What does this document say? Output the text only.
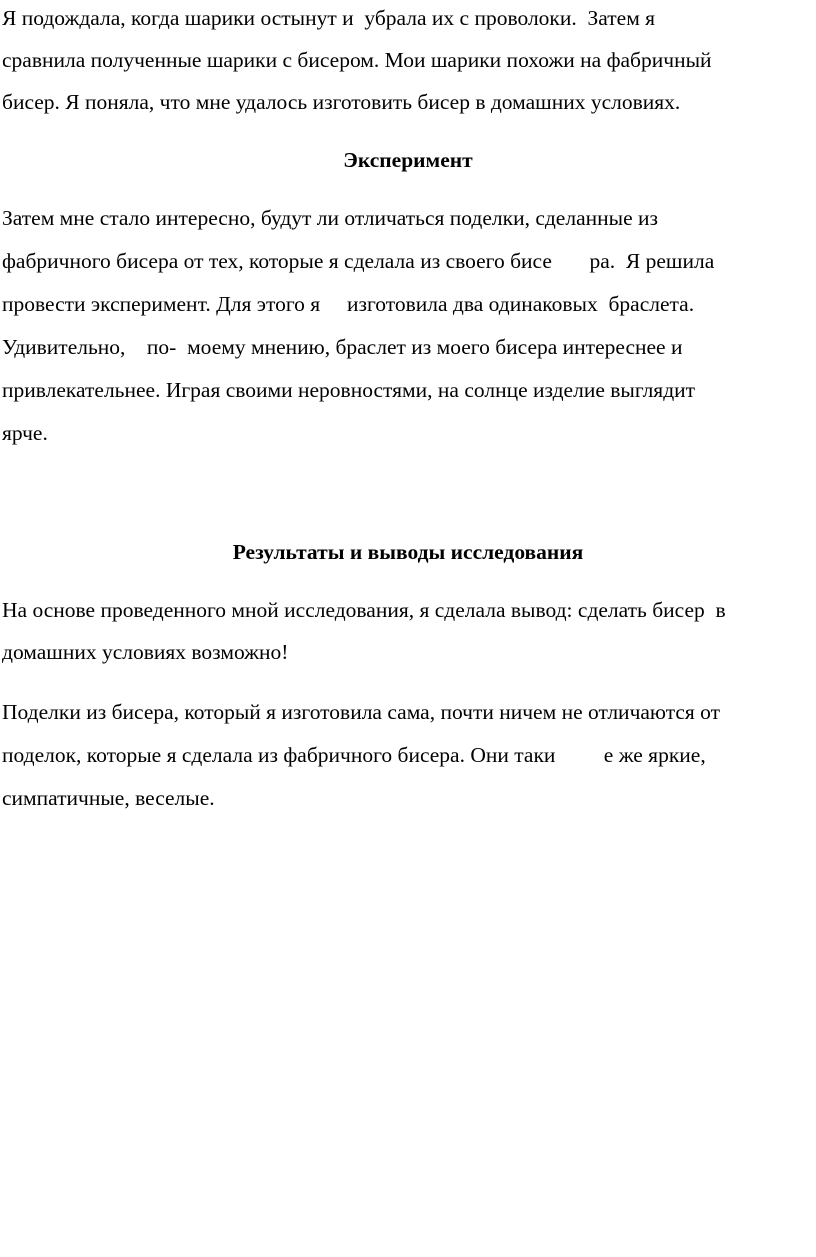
Я подождала, когда шарики остынут и  убрала их с проволоки.  Затем я
сравнила полученные шарики с бисером. Мои шарики похожи на фабричный
бисер. Я поняла, что мне удалось изготовить бисер в домашних условиях.
Эксперимент
Затем мне стало интересно, будут ли отличаться поделки, сделанные из
фабричного бисера от тех, которые я сделала из своего бисе       ра.  Я решила
провести эксперимент. Для этого я     изготовила два одинаковых  браслета.
Удивительно,    по-  моему мнению, браслет из моего бисера интереснее и
привлекательнее. Играя своими неровностями, на солнце изделие выглядит
ярче.
Результаты и выводы исследования
На основе проведенного мной исследования, я сделала вывод: сделать бисер  в
домашних условиях возможно!
Поделки из бисера, который я изготовила сама, почти ничем не отличаются от
поделок, которые я сделала из фабричного бисера. Они таки         е же яркие,
симпатичные, веселые.
